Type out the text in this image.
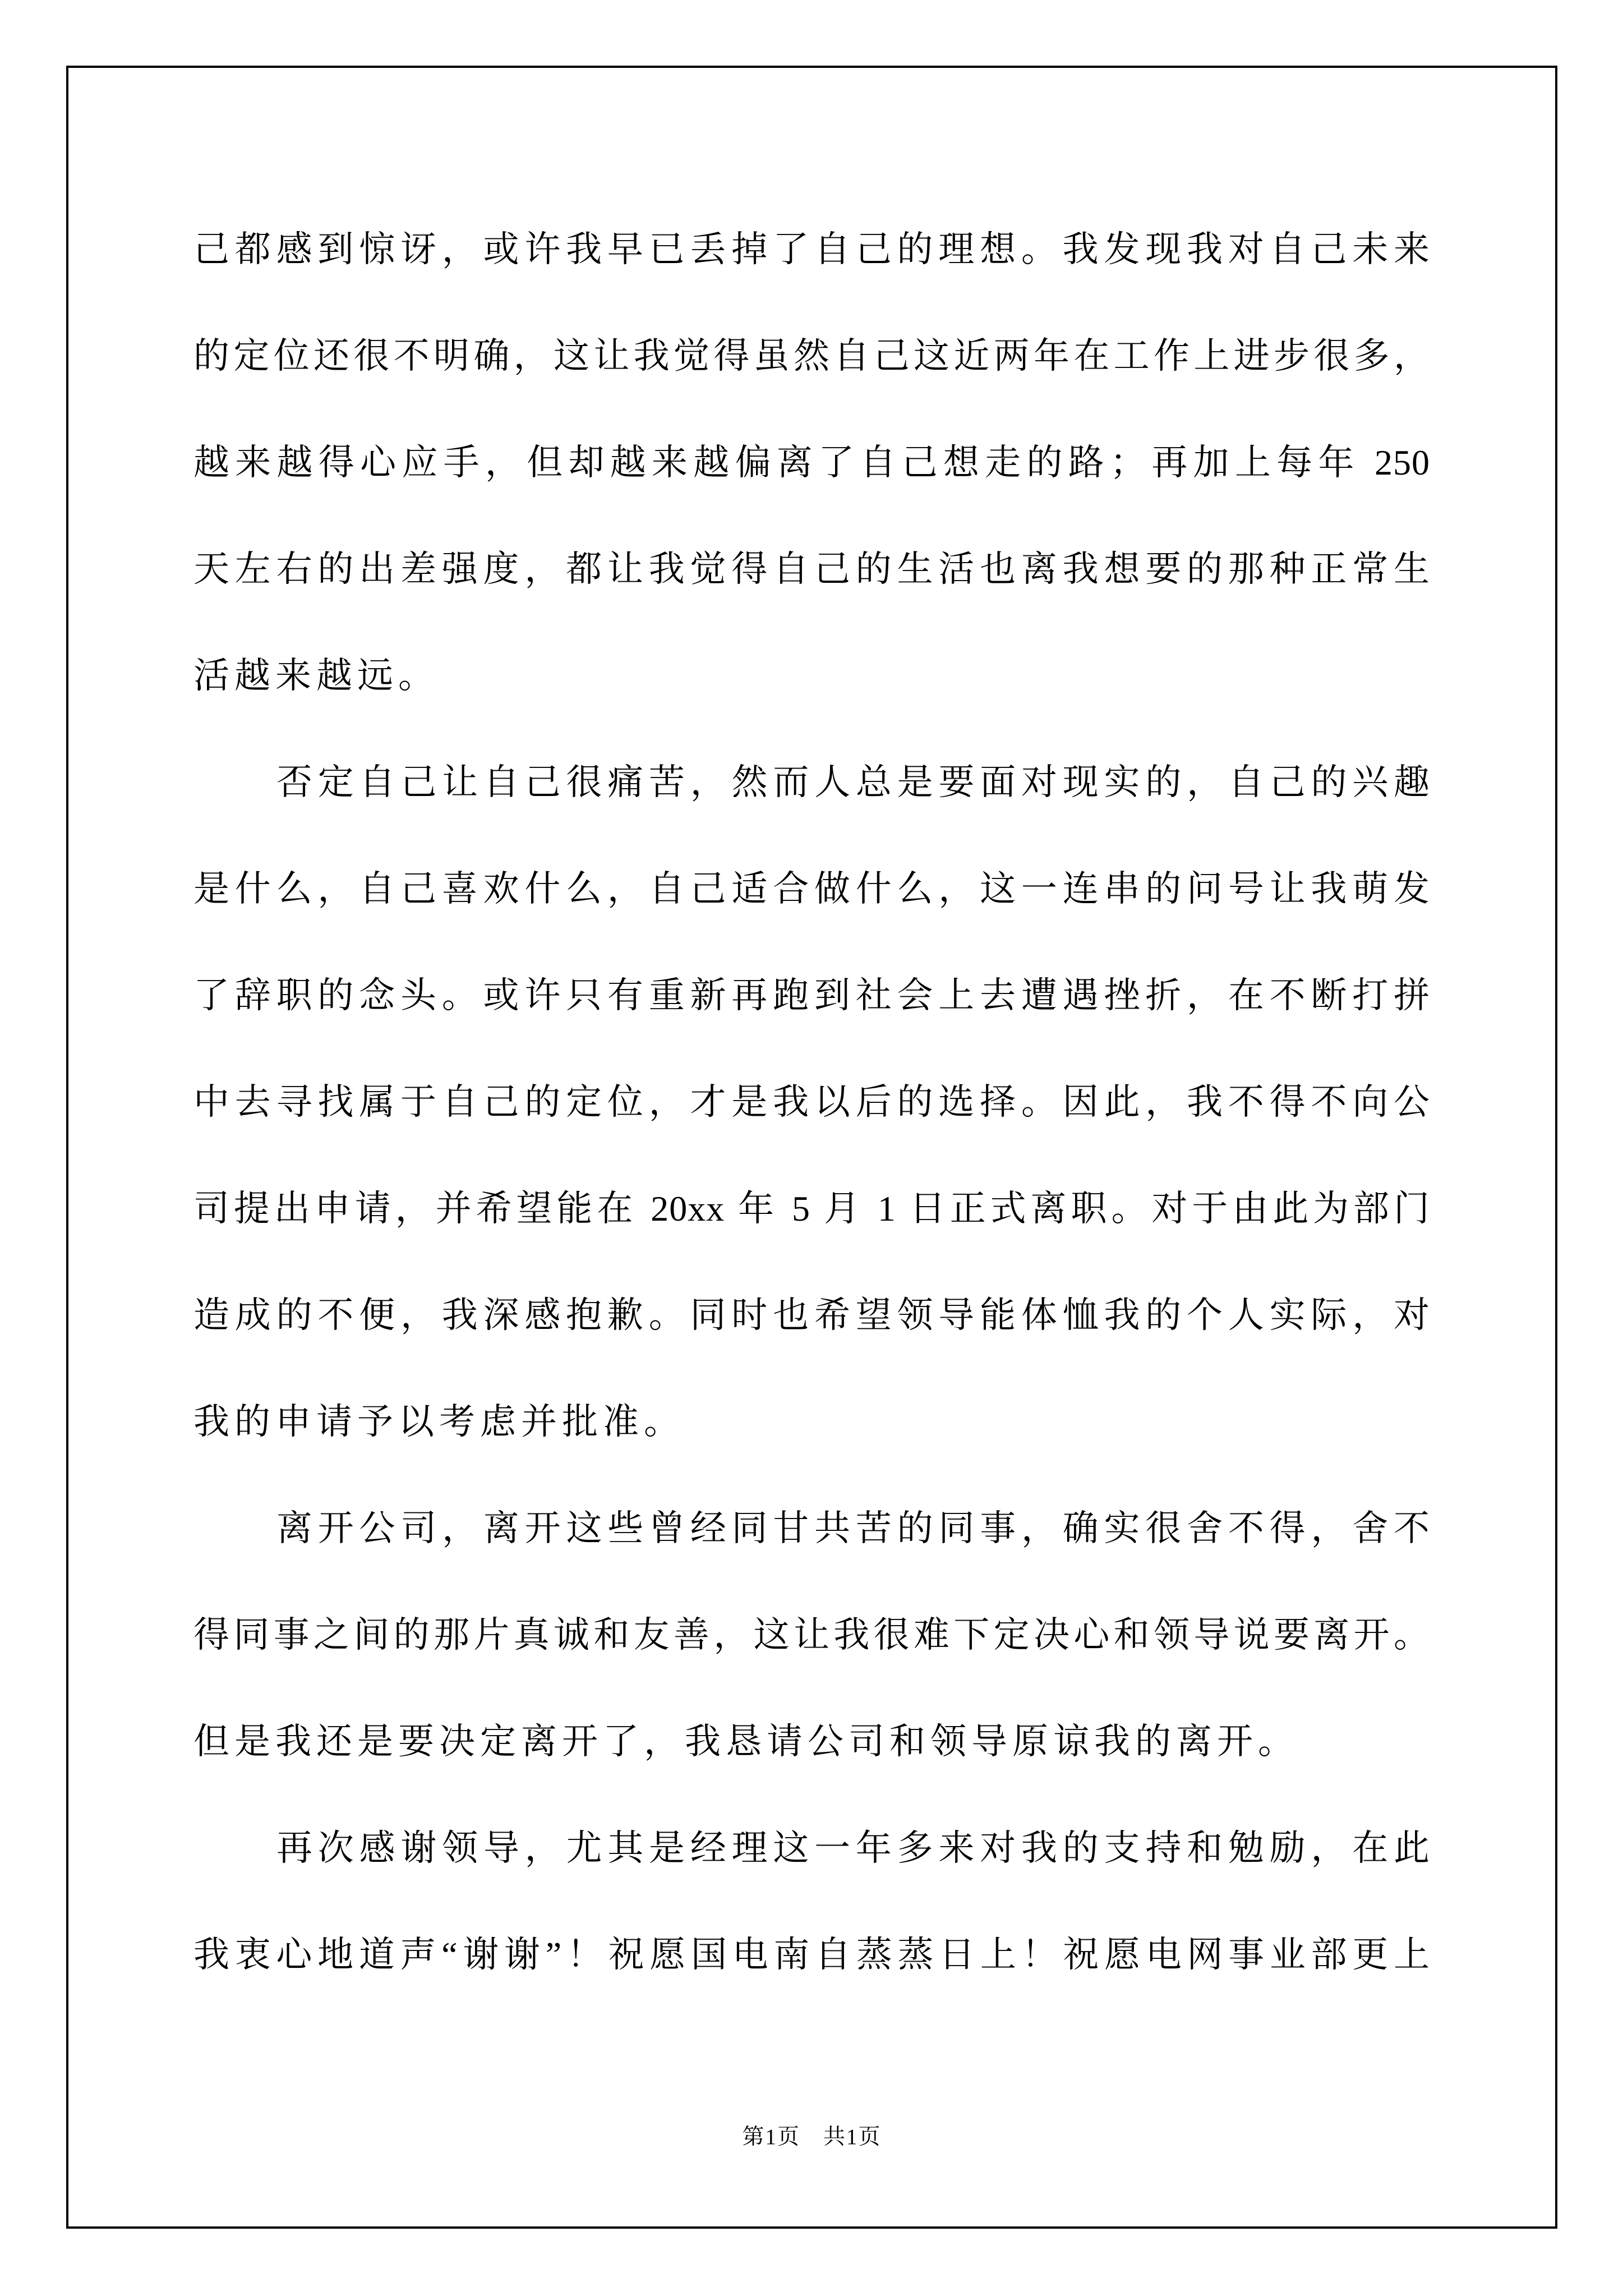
己都感到惊讶，或许我早已丢掉了自己的理想。我发现我对自己未来
的定位还很不明确，这让我觉得虽然自己这近两年在工作上进步很多，
越来越得心应手，但却越来越偏离了自己想走的路；再加上每年 250
天左右的出差强度，都让我觉得自己的生活也离我想要的那种正常生
活越来越远。
否定自己让自己很痛苦，然而人总是要面对现实的，自己的兴趣
是什么，自己喜欢什么，自己适合做什么，这一连串的问号让我萌发
了辞职的念头。或许只有重新再跑到社会上去遭遇挫折，在不断打拼
中去寻找属于自己的定位，才是我以后的选择。因此，我不得不向公
司提出申请，并希望能在 20xx 年 5 月 1 日正式离职。对于由此为部门
造成的不便，我深感抱歉。同时也希望领导能体恤我的个人实际，对
我的申请予以考虑并批准。
离开公司，离开这些曾经同甘共苦的同事，确实很舍不得，舍不
得同事之间的那片真诚和友善，这让我很难下定决心和领导说要离开。
但是我还是要决定离开了，我恳请公司和领导原谅我的离开。
再次感谢领导，尤其是经理这一年多来对我的支持和勉励，在此
我衷心地道声“谢谢”！祝愿国电南自蒸蒸日上！祝愿电网事业部更上
第1页　共1页
